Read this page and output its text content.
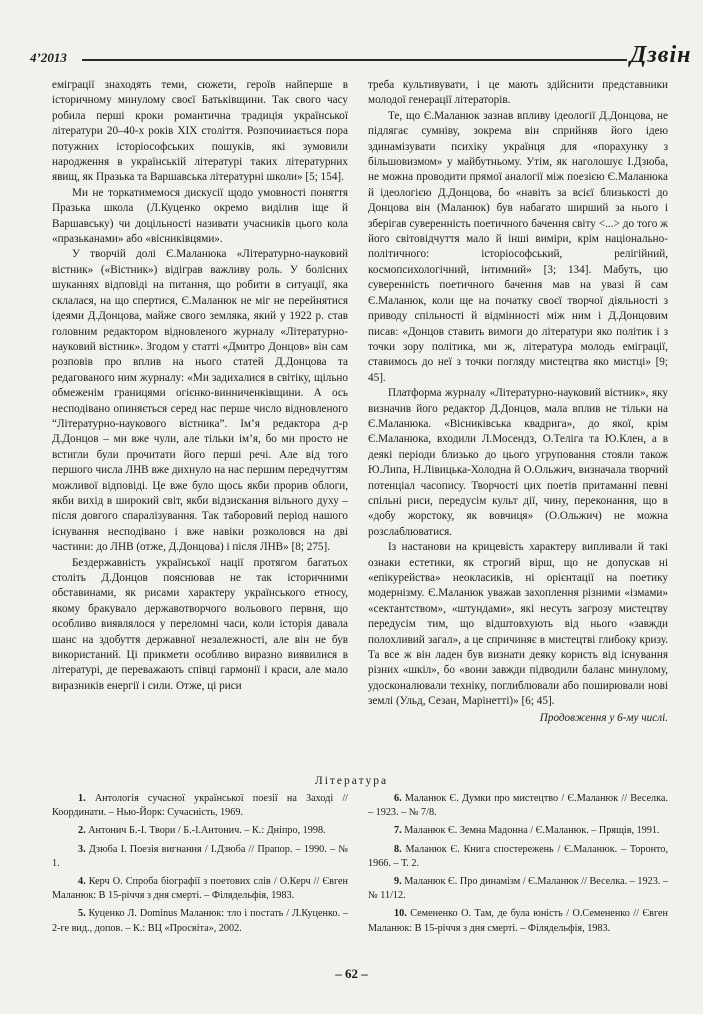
4’2013	Дзвін

еміграції знаходять теми, сюжети, героїв найперше в історичному минулому своєї Батьківщини. Так свого часу робила перші кроки романтична традиція української літератури 20–40-х років XIX століття. Розпочинається пора потужних історіософських пошуків, які зумовили народження в українській літературі таких літературних явищ, як Празька та Варшавська літературні школи» [5; 154].

Ми не торкатимемося дискусії щодо умовності поняття Празька школа (Л.Куценко окремо виділив іще й Варшавську) чи доцільності називати учасників цього кола «празьканами» або «вісниківцями».

У творчій долі Є.Маланюка «Літературно-науковий вістник» («Вістник») відіграв важливу роль. У болісних шуканнях відповіді на питання, що робити в ситуації, яка склалася, на що спертися, Є.Маланюк не міг не перейнятися ідеями Д.Донцова, майже свого земляка, який у 1922 р. став головним редактором відновленого журналу «Літературно-науковий вістник». Згодом у статті «Дмитро Донцов» він сам розповів про вплив на нього статей Д.Донцова та редагованого ним журналу: «Ми задихалися в світіку, щільно обмеженім границями огієнко-винниченківщини. А ось несподівано опиняється серед нас перше число відновленого “Літературно-наукового вістника”. Ім’я редактора д-р Д.Донцов – ми вже чули, але тільки ім’я, бо ми просто не встигли були прочитати його перші речі. Але від того першого числа ЛНВ вже дихнуло на нас першим передчуттям можливої відповіді. Це вже було щось якби прорив облоги, якби вихід в широкий світ, якби відзискання вільного духу – після довгого спаралізування. Так таборовий період нашого існування несподівано і вже навіки розколовся на дві частини: до ЛНВ (отже, Д.Донцова) і після ЛНВ» [8; 275].

Бездержавність української нації протягом багатьох століть Д.Донцов пояснював не так історичними обставинами, як рисами характеру українського етносу, якому бракувало державотворчого вольового первня, що особливо виявлялося у переломні часи, коли історія давала шанс на здобуття державної незалежності, але він не був використаний. Ці прикмети особливо виразно виявилися в літературі, де переважають співці гармонії і краси, але мало виразників енергії і сили. Отже, ці риси

треба культивувати, і це мають здійснити представники молодої генерації літераторів.

Те, що Є.Маланюк зазнав впливу ідеології Д.Донцова, не підлягає сумніву, зокрема він сприйняв його ідею здинамізувати психіку українця для «порахунку з більшовизмом» у майбутньому. Утім, як наголошує І.Дзюба, не можна проводити прямої аналогії між поезією Є.Маланюка й ідеологією Д.Донцова, бо «навіть за всієї близькості до Донцова він (Маланюк) був набагато ширший за нього і зберігав суверенність поетичного бачення світу <...> до того ж його світовідчуття мало й інші виміри, крім національно-політичного: історіософський, релігійний, космопсихологічний, інтимний» [3; 134]. Мабуть, цю суверенність поетичного бачення мав на увазі й сам Є.Маланюк, коли ще на початку своєї творчої діяльності з приводу спільності й відмінності між ним і Д.Донцовим писав: «Донцов ставить вимоги до літератури яко політик і з точки зору політика, ми ж, література молодь еміграції, ставимось до неї з точки погляду мистецтва яко мистці» [9; 45].

Платформа журналу «Літературно-науковий вістник», яку визначив його редактор Д.Донцов, мала вплив не тільки на Є.Маланюка. «Вісниківська квадрига», до якої, крім Є.Маланюка, входили Л.Мосендз, О.Теліга та Ю.Клен, а в деякі періоди близько до цього угруповання стояли також Ю.Липа, Н.Лівицька-Холодна й О.Ольжич, визначала творчий потенціал часопису. Творчості цих поетів притаманні певні спільні риси, передусім культ дії, чину, переконання, що в «добу жорстоку, як вовчиця» (О.Ольжич) не можна розслаблюватися.

Із настанови на крицевість характеру випливали й такі ознаки естетики, як строгий вірш, що не допускав ні «епікурейства» неокласиків, ні орієнтації на поетику модернізму. Є.Маланюк уважав захоплення різними «ізмами» «сектантством», «штундами», які несуть загрозу мистецтву передусім тим, що відштовхують від нього «завжди полохливий загал», а це спричиняє в мистецтві глибоку кризу. Та все ж він ладен був визнати деяку користь від існування різних «шкіл», бо «вони завжди підводили баланс минулому, удосконалювали техніку, поглиблювали або поширювали нові землі (Ульд, Сезан, Марінетті)» [6; 45].

Продовження у 6-му числі.

Література

1. Антологія сучасної української поезії на Заході // Координати. – Нью-Йорк: Сучасність, 1969.

2. Антонич Б.-І. Твори / Б.-І.Антонич. – К.: Дніпро, 1998.

3. Дзюба І. Поезія вигнання / І.Дзюба // Прапор. – 1990. – № 1.

4. Керч О. Спроба біографії з поетових слів / О.Керч // Євген Маланюк: В 15-річчя з дня смерті. – Філядельфія, 1983.

5. Куценко Л. Dominus Маланюк: тло і постать / Л.Куценко. – 2-ге вид., допов. – К.: ВЦ «Просвіта», 2002.

6. Маланюк Є. Думки про мистецтво / Є.Маланюк // Веселка. – 1923. – № 7/8.

7. Маланюк Є. Земна Мадонна / Є.Маланюк. – Прящів, 1991.

8. Маланюк Є. Книга спостережень / Є.Маланюк. – Торонто, 1966. – Т. 2.

9. Маланюк Є. Про динамізм / Є.Маланюк // Веселка. – 1923. – № 11/12.

10. Семененко О. Там, де була юність / О.Семененко // Євген Маланюк: В 15-річчя з дня смерті. – Філядельфія, 1983.

– 62 –
